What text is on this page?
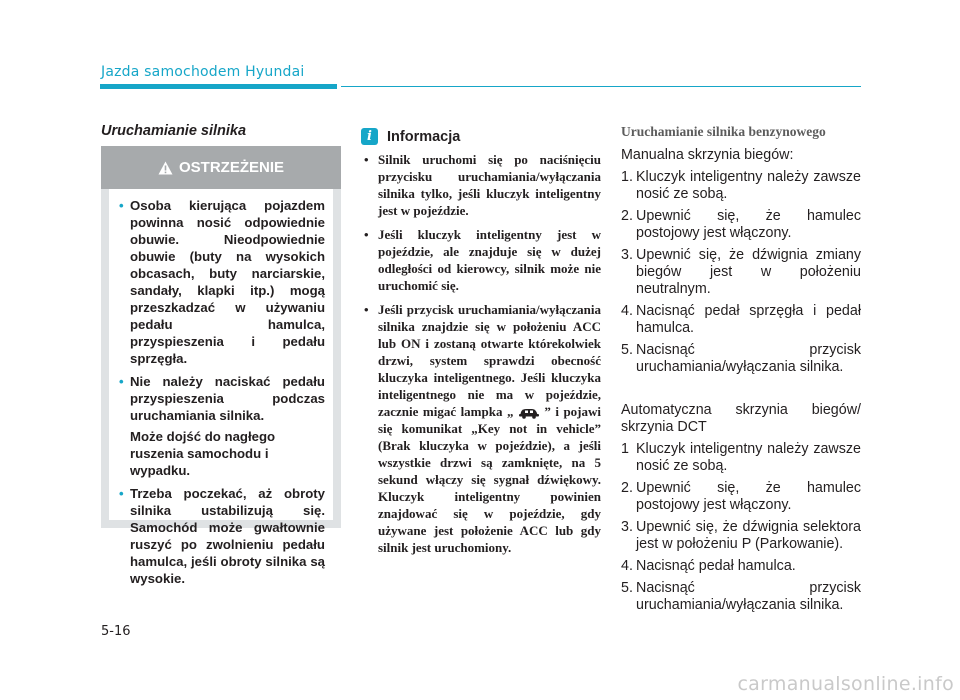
Jazda samochodem Hyundai
Uruchamianie silnika
OSTRZEŻENIE
• Osoba kierująca pojazdem powinna nosić odpowiednie obuwie. Nieodpowiednie obuwie (buty na wysokich obcasach, buty narciarskie, sandały, klapki itp.) mogą przeszkadzać w używaniu pedału hamulca, przyspieszenia i pedału sprzęgła.
• Nie należy naciskać pedału przyspieszenia podczas uruchamiania silnika.
Może dojść do nagłego ruszenia samochodu i wypadku.
• Trzeba poczekać, aż obroty silnika ustabilizują się. Samochód może gwałtownie ruszyć po zwolnieniu pedału hamulca, jeśli obroty silnika są wysokie.
i	Informacja
• Silnik uruchomi się po naciśnięciu przycisku uruchamiania/wyłączania silnika tylko, jeśli kluczyk inteligentny jest w pojeździe.
• Jeśli kluczyk inteligentny jest w pojeździe, ale znajduje się w dużej odległości od kierowcy, silnik może nie uruchomić się.
• Jeśli przycisk uruchamiania/wyłączania silnika znajdzie się w położeniu ACC lub ON i zostaną otwarte którekolwiek drzwi, system sprawdzi obecność kluczyka inteligentnego. Jeśli kluczyka inteligentnego nie ma w pojeździe, zacznie migać lampka „ ” i pojawi się komunikat „Key not in vehicle” (Brak kluczyka w pojeździe), a jeśli wszystkie drzwi są zamknięte, na 5 sekund włączy się sygnał dźwiękowy. Kluczyk inteligentny powinien znajdować się w pojeździe, gdy używane jest położenie ACC lub gdy silnik jest uruchomiony.
Uruchamianie silnika benzynowego
Manualna skrzynia biegów:
1. Kluczyk inteligentny należy zawsze nosić ze sobą.
2. Upewnić się, że hamulec postojowy jest włączony.
3. Upewnić się, że dźwignia zmiany biegów jest w położeniu neutralnym.
4. Nacisnąć pedał sprzęgła i pedał hamulca.
5. Nacisnąć przycisk uruchamiania/wyłączania silnika.
Automatyczna skrzynia biegów/ skrzynia DCT
1 Kluczyk inteligentny należy zawsze nosić ze sobą.
2. Upewnić się, że hamulec postojowy jest włączony.
3. Upewnić się, że dźwignia selektora jest w położeniu P (Parkowanie).
4. Nacisnąć pedał hamulca.
5. Nacisnąć przycisk uruchamiania/wyłączania silnika.
5-16
carmanualsonline.info
